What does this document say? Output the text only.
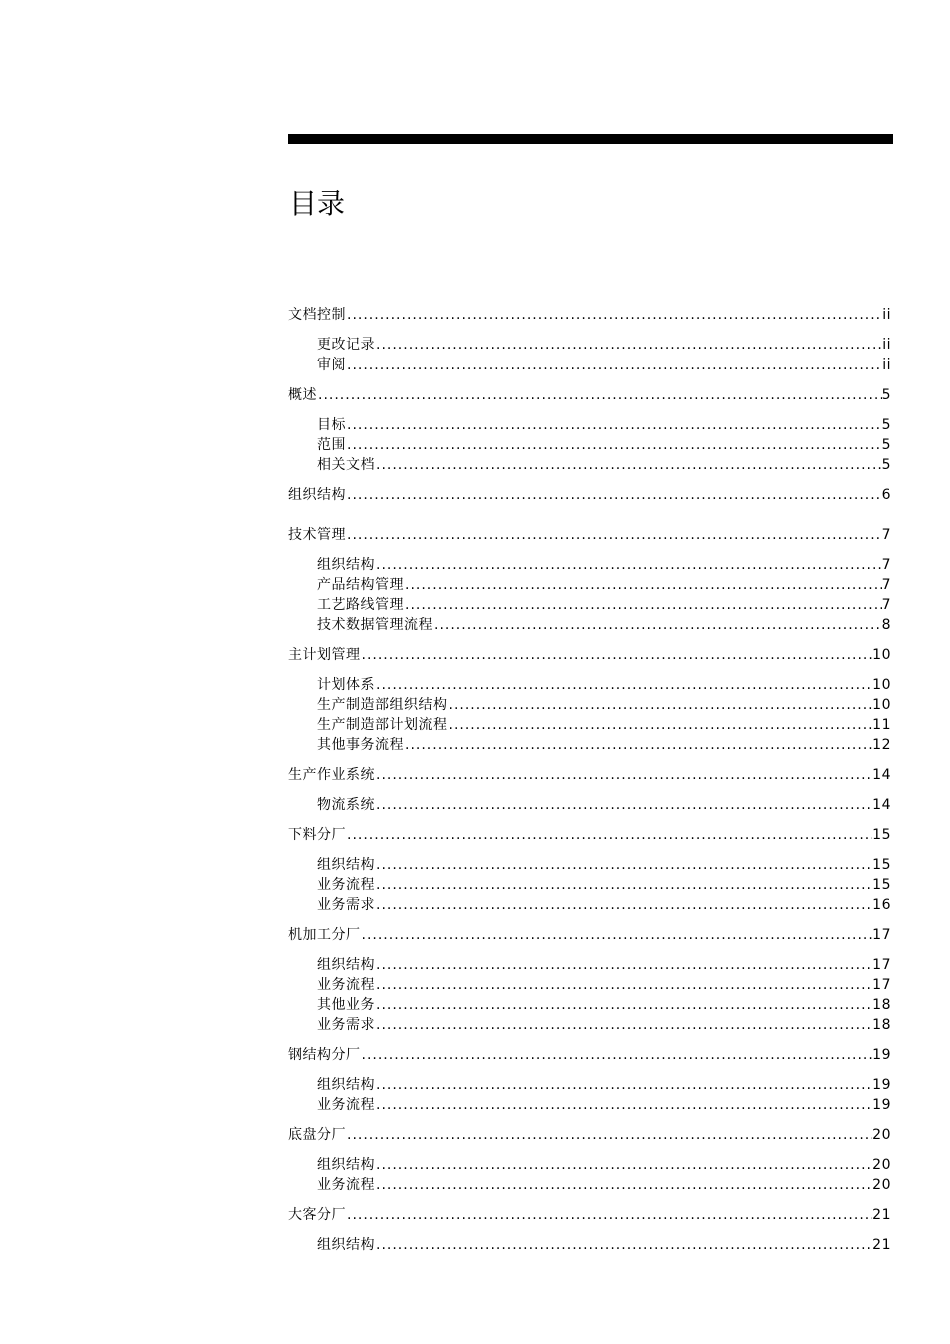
目录
文档控制 .....	ii
更改记录 .....	ii
审阅 .....	ii
概述 .....	5
目标 .....	5
范围 .....	5
相关文档 .....	5
组织结构 .....	6
技术管理 .....	7
组织结构 .....	7
产品结构管理 .....	7
工艺路线管理 .....	7
技术数据管理流程 .....	8
主计划管理 .....	10
计划体系 .....	10
生产制造部组织结构 .....	10
生产制造部计划流程 .....	11
其他事务流程 .....	12
生产作业系统 .....	14
物流系统 .....	14
下料分厂 .....	15
组织结构 .....	15
业务流程 .....	15
业务需求 .....	16
机加工分厂 .....	17
组织结构 .....	17
业务流程 .....	17
其他业务 .....	18
业务需求 .....	18
钢结构分厂 .....	19
组织结构 .....	19
业务流程 .....	19
底盘分厂 .....	20
组织结构 .....	20
业务流程 .....	20
大客分厂 .....	21
组织结构 .....	21
